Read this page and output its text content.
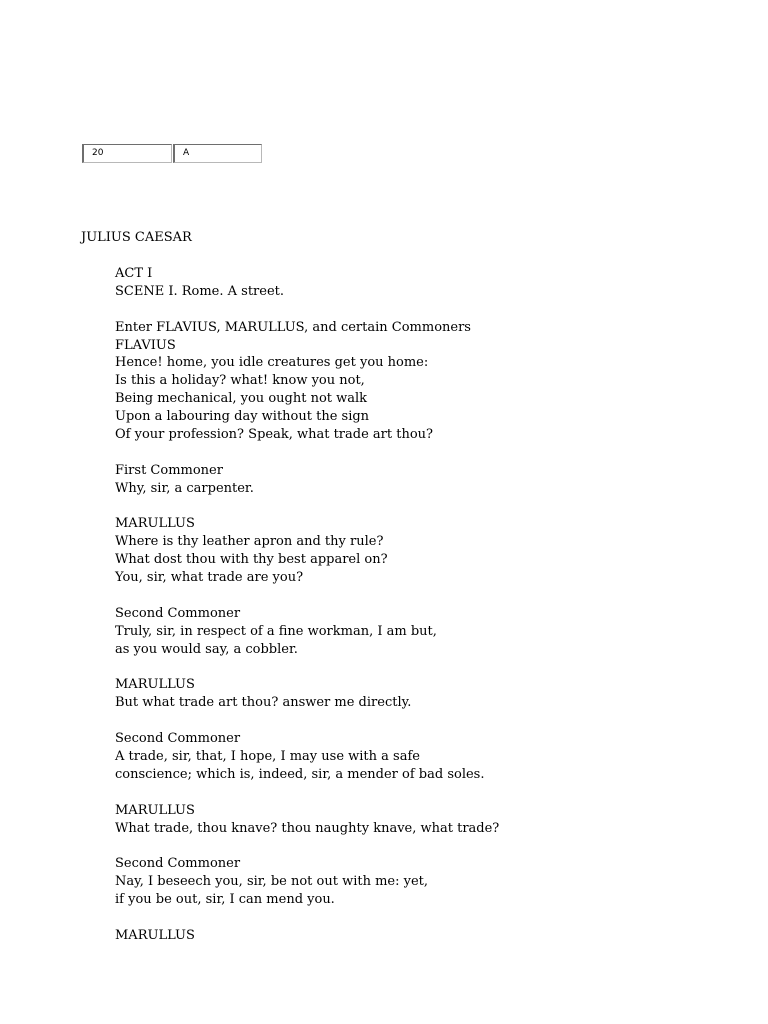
20	A
JULIUS CAESAR
ACT I
SCENE I. Rome. A street.
Enter FLAVIUS, MARULLUS, and certain Commoners
FLAVIUS
Hence! home, you idle creatures get you home:
Is this a holiday? what! know you not,
Being mechanical, you ought not walk
Upon a labouring day without the sign
Of your profession? Speak, what trade art thou?
First Commoner
Why, sir, a carpenter.
MARULLUS
Where is thy leather apron and thy rule?
What dost thou with thy best apparel on?
You, sir, what trade are you?
Second Commoner
Truly, sir, in respect of a fine workman, I am but,
as you would say, a cobbler.
MARULLUS
But what trade art thou? answer me directly.
Second Commoner
A trade, sir, that, I hope, I may use with a safe
conscience; which is, indeed, sir, a mender of bad soles.
MARULLUS
What trade, thou knave? thou naughty knave, what trade?
Second Commoner
Nay, I beseech you, sir, be not out with me: yet,
if you be out, sir, I can mend you.
MARULLUS
